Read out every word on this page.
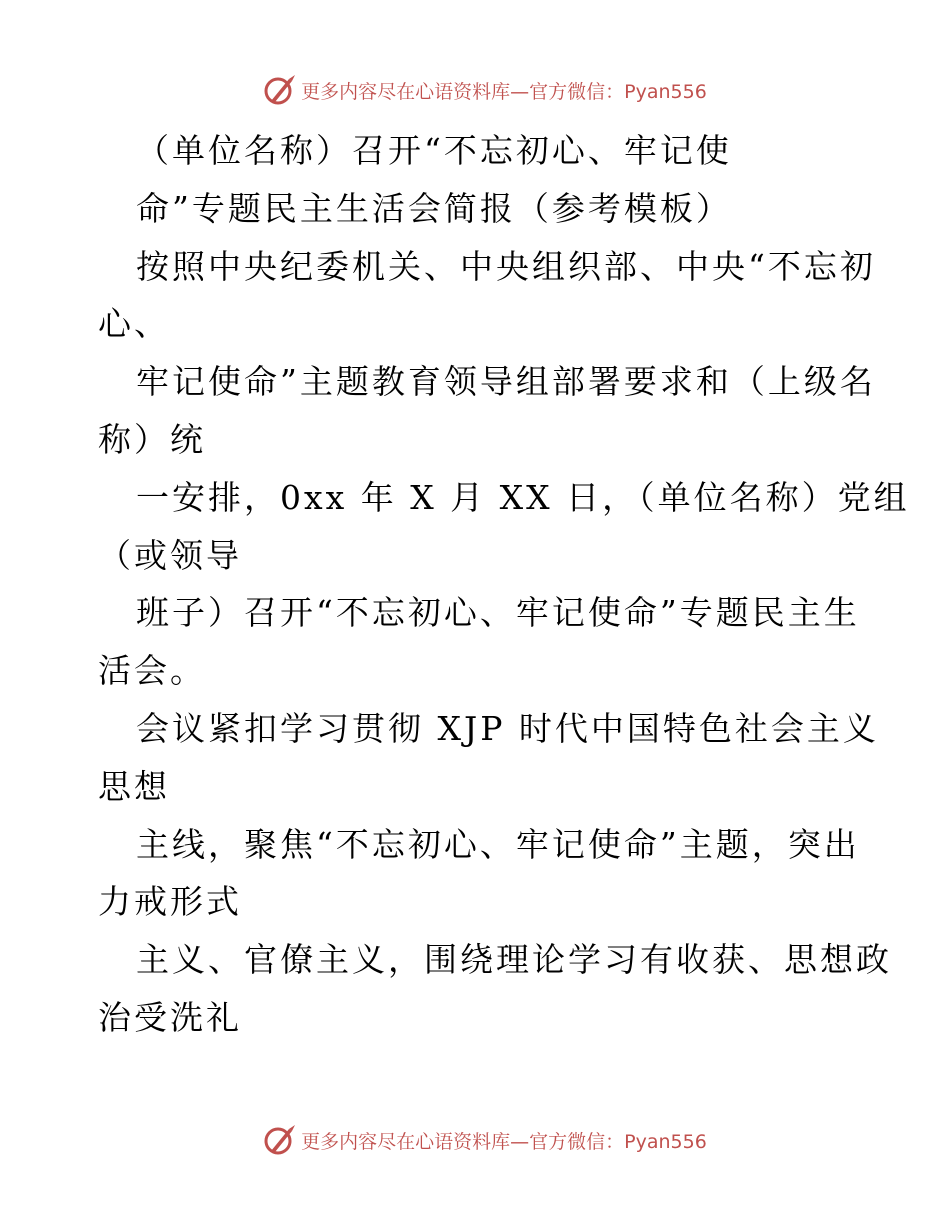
更多内容尽在心语资料库—官方微信：Pyan556
（单位名称）召开“不忘初心、牢记使
命”专题民主生活会简报（参考模板）
按照中央纪委机关、中央组织部、中央“不忘初
心、
牢记使命”主题教育领导组部署要求和（上级名
称）统
一安排，0xx 年 X 月 XX 日，（单位名称）党组
（或领导
班子）召开“不忘初心、牢记使命”专题民主生
活会。
会议紧扣学习贯彻 XJP 时代中国特色社会主义
思想
主线，聚焦“不忘初心、牢记使命”主题，突出
力戒形式
主义、官僚主义，围绕理论学习有收获、思想政
治受洗礼
更多内容尽在心语资料库—官方微信：Pyan556
